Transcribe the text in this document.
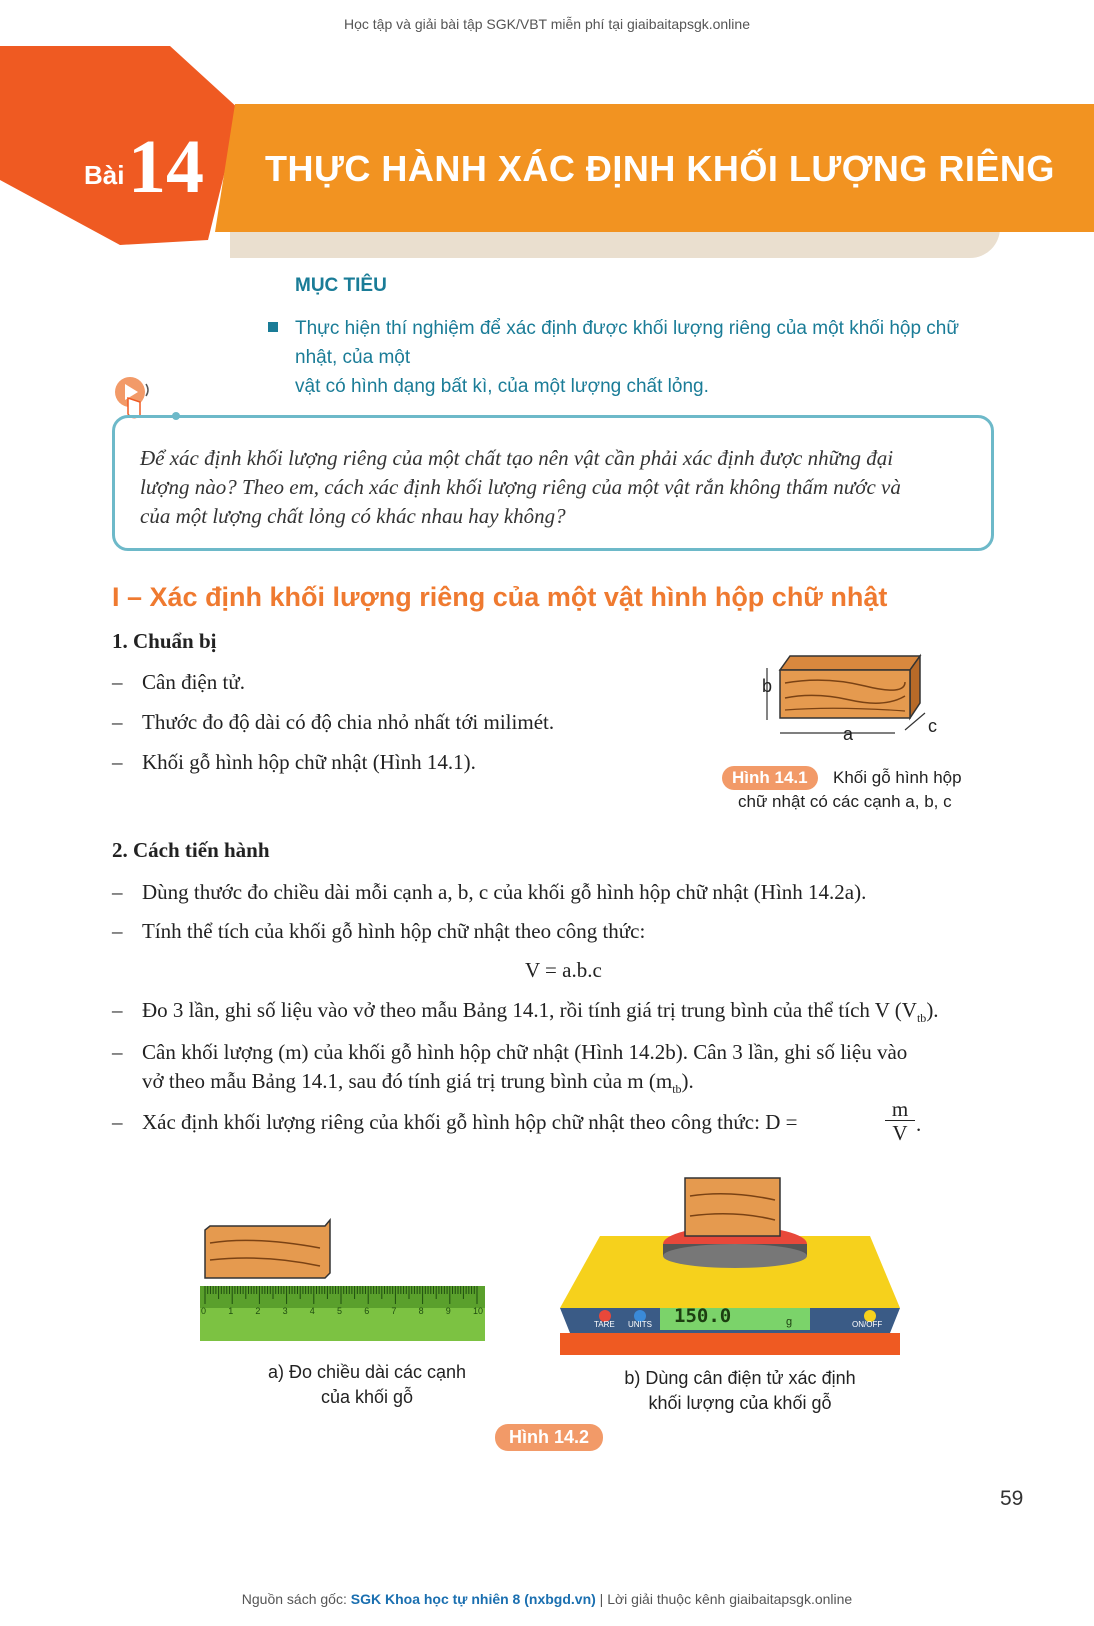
Học tập và giải bài tập SGK/VBT miễn phí tại giaibaitapsgk.online
Bài 14 THỰC HÀNH XÁC ĐỊNH KHỐI LƯỢNG RIÊNG
MỤC TIÊU
Thực hiện thí nghiệm để xác định được khối lượng riêng của một khối hộp chữ nhật, của một
vật có hình dạng bất kì, của một lượng chất lỏng.
Để xác định khối lượng riêng của một chất tạo nên vật cần phải xác định được những đại
lượng nào? Theo em, cách xác định khối lượng riêng của một vật rắn không thấm nước và
của một lượng chất lỏng có khác nhau hay không?
I – Xác định khối lượng riêng của một vật hình hộp chữ nhật
1. Chuẩn bị
– Cân điện tử.
– Thước đo độ dài có độ chia nhỏ nhất tới milimét.
– Khối gỗ hình hộp chữ nhật (Hình 14.1).
b
a	c
Hình 14.1	Khối gỗ hình hộp
chữ nhật có các cạnh a, b, c
2. Cách tiến hành
– Dùng thước đo chiều dài mỗi cạnh a, b, c của khối gỗ hình hộp chữ nhật (Hình 14.2a).
– Tính thể tích của khối gỗ hình hộp chữ nhật theo công thức:
V = a.b.c
– Đo 3 lần, ghi số liệu vào vở theo mẫu Bảng 14.1, rồi tính giá trị trung bình của thể tích V $(V_{tb})$.
– Cân khối lượng (m) của khối gỗ hình hộp chữ nhật (Hình 14.2b). Cân 3 lần, ghi số liệu vào
vở theo mẫu Bảng 14.1, sau đó tính giá trị trung bình của m $(m_{tb})$.
– Xác định khối lượng riêng của khối gỗ hình hộp chữ nhật theo công thức: D =	$\frac{m}{V}$ .
0 1 2 3 4 5 6 7 8 9 10	150.0	g
TARE UNITS	ON/OFF
a) Đo chiều dài các cạnh
của khối gỗ
b) Dùng cân điện tử xác định
khối lượng của khối gỗ
Hình 14.2
59
Nguồn sách gốc: SGK Khoa học tự nhiên 8 (nxbgd.vn) | Lời giải thuộc kênh giaibaitapsgk.online
